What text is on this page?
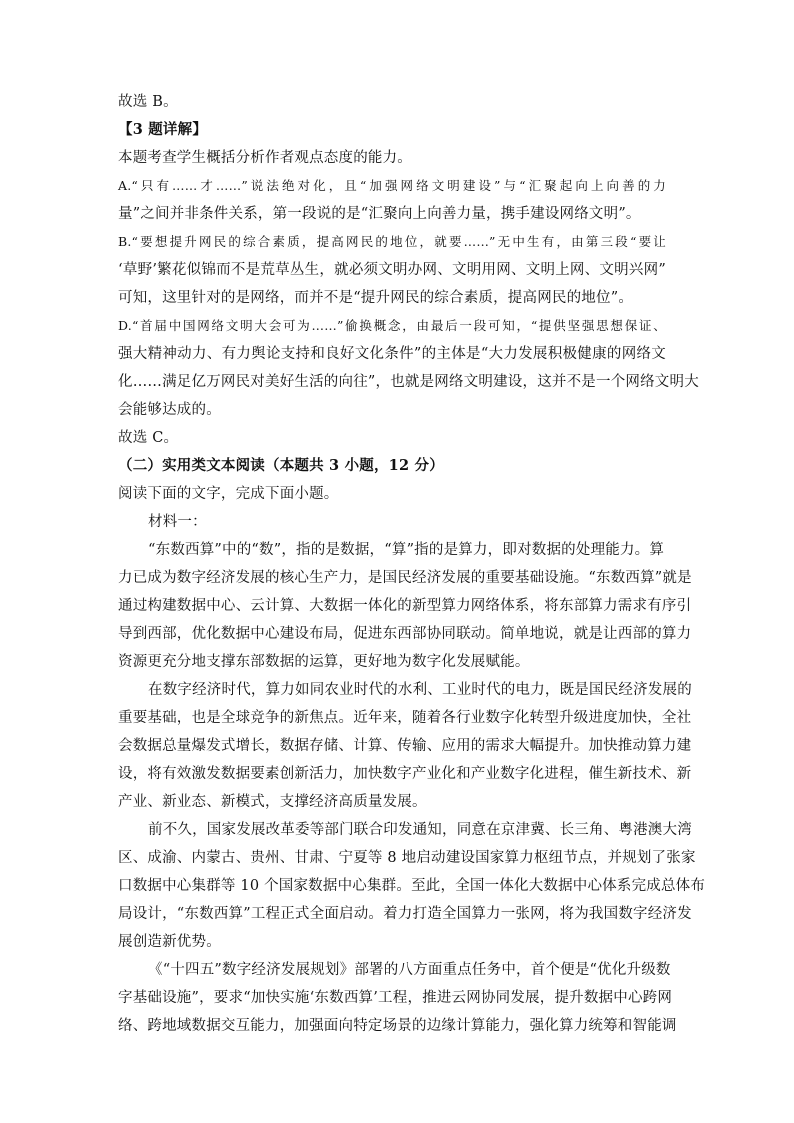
故选 B。
【3 题详解】
本题考查学生概括分析作者观点态度的能力。
A.“只有……才……”说法绝对化，且“加强网络文明建设”与“汇聚起向上向善的力
量”之间并非条件关系，第一段说的是“汇聚向上向善力量，携手建设网络文明”。
B.“要想提升网民的综合素质，提高网民的地位，就要……”无中生有，由第三段“要让
‘草野’繁花似锦而不是荒草丛生，就必须文明办网、文明用网、文明上网、文明兴网”
可知，这里针对的是网络，而并不是“提升网民的综合素质，提高网民的地位”。
D.“首届中国网络文明大会可为……”偷换概念，由最后一段可知，“提供坚强思想保证、
强大精神动力、有力舆论支持和良好文化条件”的主体是“大力发展积极健康的网络文
化……满足亿万网民对美好生活的向往”，也就是网络文明建设，这并不是一个网络文明大
会能够达成的。
故选 C。
（二）实用类文本阅读（本题共 3 小题，12 分）
阅读下面的文字，完成下面小题。
材料一：
“东数西算”中的“数”，指的是数据，“算”指的是算力，即对数据的处理能力。算
力已成为数字经济发展的核心生产力，是国民经济发展的重要基础设施。“东数西算”就是
通过构建数据中心、云计算、大数据一体化的新型算力网络体系，将东部算力需求有序引
导到西部，优化数据中心建设布局，促进东西部协同联动。简单地说，就是让西部的算力
资源更充分地支撑东部数据的运算，更好地为数字化发展赋能。
在数字经济时代，算力如同农业时代的水利、工业时代的电力，既是国民经济发展的
重要基础，也是全球竞争的新焦点。近年来，随着各行业数字化转型升级进度加快，全社
会数据总量爆发式增长，数据存储、计算、传输、应用的需求大幅提升。加快推动算力建
设，将有效激发数据要素创新活力，加快数字产业化和产业数字化进程，催生新技术、新
产业、新业态、新模式，支撑经济高质量发展。
前不久，国家发展改革委等部门联合印发通知，同意在京津冀、长三角、粤港澳大湾
区、成渝、内蒙古、贵州、甘肃、宁夏等 8 地启动建设国家算力枢纽节点，并规划了张家
口数据中心集群等 10 个国家数据中心集群。至此，全国一体化大数据中心体系完成总体布
局设计，“东数西算”工程正式全面启动。着力打造全国算力一张网，将为我国数字经济发
展创造新优势。
《“十四五”数字经济发展规划》部署的八方面重点任务中，首个便是“优化升级数
字基础设施”，要求“加快实施‘东数西算’工程，推进云网协同发展，提升数据中心跨网
络、跨地域数据交互能力，加强面向特定场景的边缘计算能力，强化算力统筹和智能调
